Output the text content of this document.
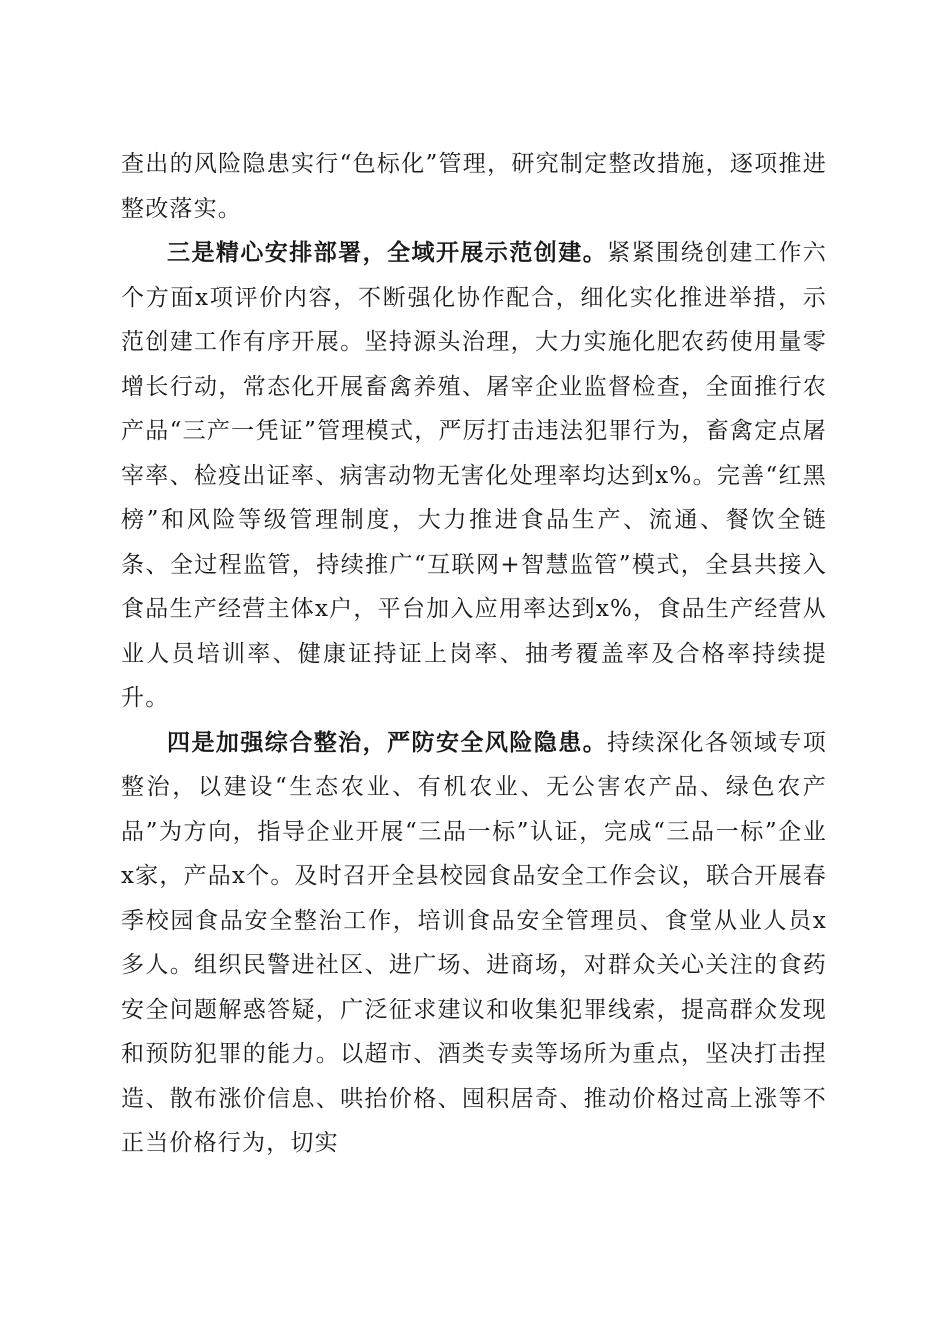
查出的风险隐患实行“色标化”管理，研究制定整改措施，逐项推进整改落实。

三是精心安排部署，全域开展示范创建。紧紧围绕创建工作六个方面x项评价内容，不断强化协作配合，细化实化推进举措，示范创建工作有序开展。坚持源头治理，大力实施化肥农药使用量零增长行动，常态化开展畜禽养殖、屠宰企业监督检查，全面推行农产品“三产一凭证”管理模式，严厉打击违法犯罪行为，畜禽定点屠宰率、检疫出证率、病害动物无害化处理率均达到x%。完善“红黑榜”和风险等级管理制度，大力推进食品生产、流通、餐饮全链条、全过程监管，持续推广“互联网+智慧监管”模式，全县共接入食品生产经营主体x户，平台加入应用率达到x%，食品生产经营从业人员培训率、健康证持证上岗率、抽考覆盖率及合格率持续提升。

四是加强综合整治，严防安全风险隐患。持续深化各领域专项整治，以建设“生态农业、有机农业、无公害农产品、绿色农产品”为方向，指导企业开展“三品一标”认证，完成“三品一标”企业x家，产品x个。及时召开全县校园食品安全工作会议，联合开展春季校园食品安全整治工作，培训食品安全管理员、食堂从业人员x多人。组织民警进社区、进广场、进商场，对群众关心关注的食药安全问题解惑答疑，广泛征求建议和收集犯罪线索，提高群众发现和预防犯罪的能力。以超市、酒类专卖等场所为重点，坚决打击捏造、散布涨价信息、哄抬价格、囤积居奇、推动价格过高上涨等不正当价格行为，切实
